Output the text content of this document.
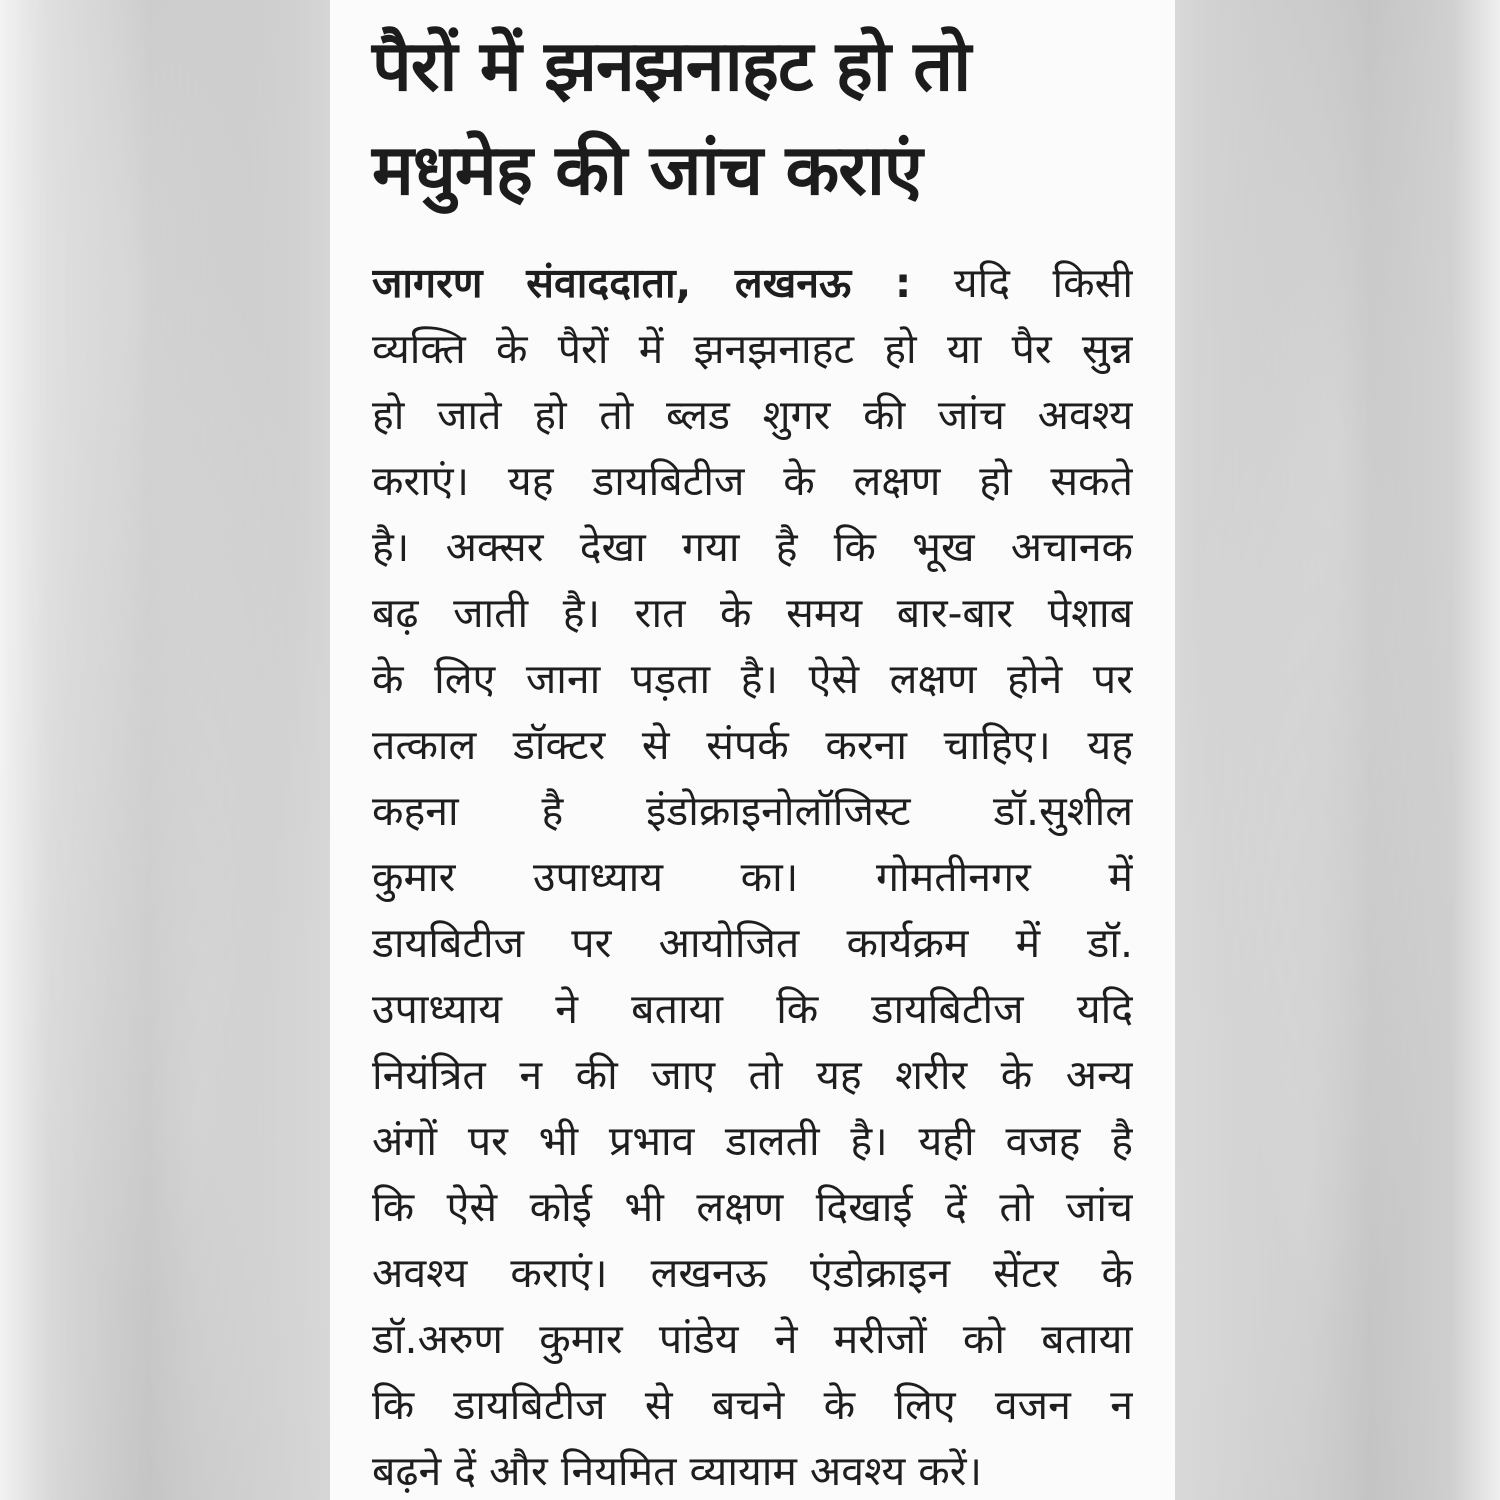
पैरों में झनझनाहट हो तो
मधुमेह की जांच कराएं
जागरण संवाददाता, लखनऊ : यदि किसी
व्यक्ति के पैरों में झनझनाहट हो या पैर सुन्न
हो जाते हो तो ब्लड शुगर की जांच अवश्य
कराएं। यह डायबिटीज के लक्षण हो सकते
है। अक्सर देखा गया है कि भूख अचानक
बढ़ जाती है। रात के समय बार-बार पेशाब
के लिए जाना पड़ता है। ऐसे लक्षण होने पर
तत्काल डॉक्टर से संपर्क करना चाहिए। यह
कहना है इंडोक्राइनोलॉजिस्ट डॉ.सुशील
कुमार उपाध्याय का। गोमतीनगर में
डायबिटीज पर आयोजित कार्यक्रम में डॉ.
उपाध्याय ने बताया कि डायबिटीज यदि
नियंत्रित न की जाए तो यह शरीर के अन्य
अंगों पर भी प्रभाव डालती है। यही वजह है
कि ऐसे कोई भी लक्षण दिखाई दें तो जांच
अवश्य कराएं। लखनऊ एंडोक्राइन सेंटर के
डॉ.अरुण कुमार पांडेय ने मरीजों को बताया
कि डायबिटीज से बचने के लिए वजन न
बढ़ने दें और नियमित व्यायाम अवश्य करें।
